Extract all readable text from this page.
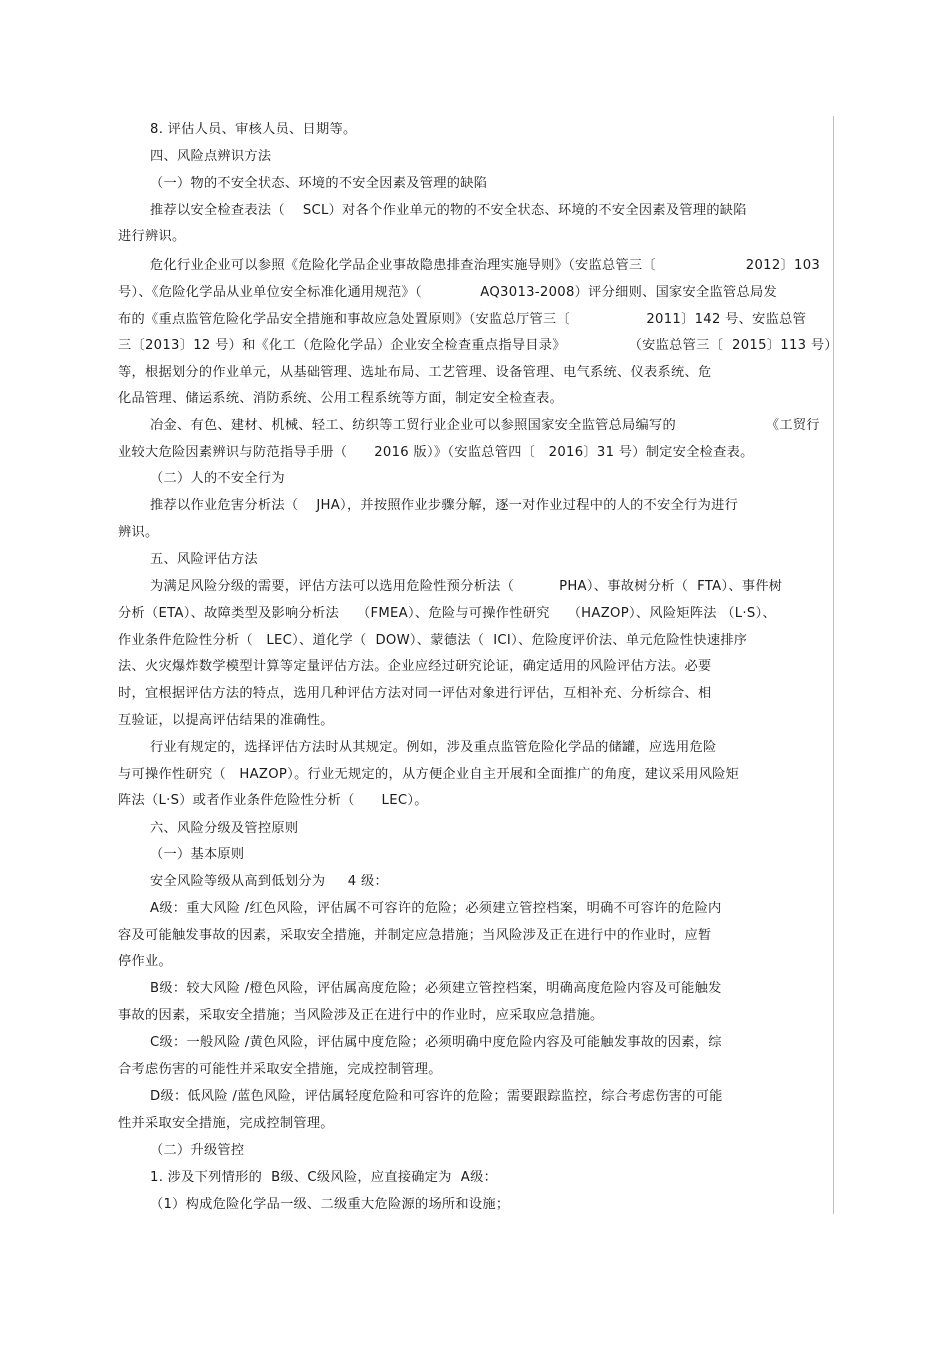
8. 评估人员、审核人员、日期等。
四、风险点辨识方法
（一）物的不安全状态、环境的不安全因素及管理的缺陷
推荐以安全检查表法（    SCL）对各个作业单元的物的不安全状态、环境的不安全因素及管理的缺陷
进行辨识。
危化行业企业可以参照《危险化学品企业事故隐患排查治理实施导则》（安监总管三〔                    2012〕103
号）、《危险化学品从业单位安全标准化通用规范》（             AQ3013-2008）评分细则、国家安全监管总局发
布的《重点监管危险化学品安全措施和事故应急处置原则》（安监总厅管三〔                 2011〕142 号、安监总管
三〔2013〕12 号）和《化工（危险化学品）企业安全检查重点指导目录》              （安监总管三〔  2015〕113 号）
等，根据划分的作业单元，从基础管理、选址布局、工艺管理、设备管理、电气系统、仪表系统、危
化品管理、储运系统、消防系统、公用工程系统等方面，制定安全检查表。
冶金、有色、建材、机械、轻工、纺织等工贸行业企业可以参照国家安全监管总局编写的                    《工贸行
业较大危险因素辨识与防范指导手册（      2016 版）》（安监总管四〔   2016〕31 号）制定安全检查表。
（二）人的不安全行为
推荐以作业危害分析法（    JHA），并按照作业步骤分解，逐一对作业过程中的人的不安全行为进行
辨识。
五、风险评估方法
为满足风险分级的需要，评估方法可以选用危险性预分析法（          PHA）、事故树分析（  FTA）、事件树
分析（ETA）、故障类型及影响分析法    （FMEA）、危险与可操作性研究    （HAZOP）、风险矩阵法 （L·S）、
作业条件危险性分析（   LEC）、道化学（  DOW）、蒙德法（  ICI）、危险度评价法、单元危险性快速排序
法、火灾爆炸数学模型计算等定量评估方法。企业应经过研究论证，确定适用的风险评估方法。必要
时，宜根据评估方法的特点，选用几种评估方法对同一评估对象进行评估，互相补充、分析综合、相
互验证，以提高评估结果的准确性。
行业有规定的，选择评估方法时从其规定。例如，涉及重点监管危险化学品的储罐，应选用危险
与可操作性研究（   HAZOP）。行业无规定的，从方便企业自主开展和全面推广的角度，建议采用风险矩
阵法（L·S）或者作业条件危险性分析（      LEC）。
六、风险分级及管控原则
（一）基本原则
安全风险等级从高到低划分为     4 级：
A级：重大风险 /红色风险，评估属不可容许的危险；必须建立管控档案，明确不可容许的危险内
容及可能触发事故的因素，采取安全措施，并制定应急措施；当风险涉及正在进行中的作业时，应暂
停作业。
B级：较大风险 /橙色风险，评估属高度危险；必须建立管控档案，明确高度危险内容及可能触发
事故的因素，采取安全措施；当风险涉及正在进行中的作业时，应采取应急措施。
C级：一般风险 /黄色风险，评估属中度危险；必须明确中度危险内容及可能触发事故的因素，综
合考虑伤害的可能性并采取安全措施，完成控制管理。
D级：低风险 /蓝色风险，评估属轻度危险和可容许的危险；需要跟踪监控，综合考虑伤害的可能
性并采取安全措施，完成控制管理。
（二）升级管控
1. 涉及下列情形的  B级、C级风险，应直接确定为  A级：
（1）构成危险化学品一级、二级重大危险源的场所和设施；
